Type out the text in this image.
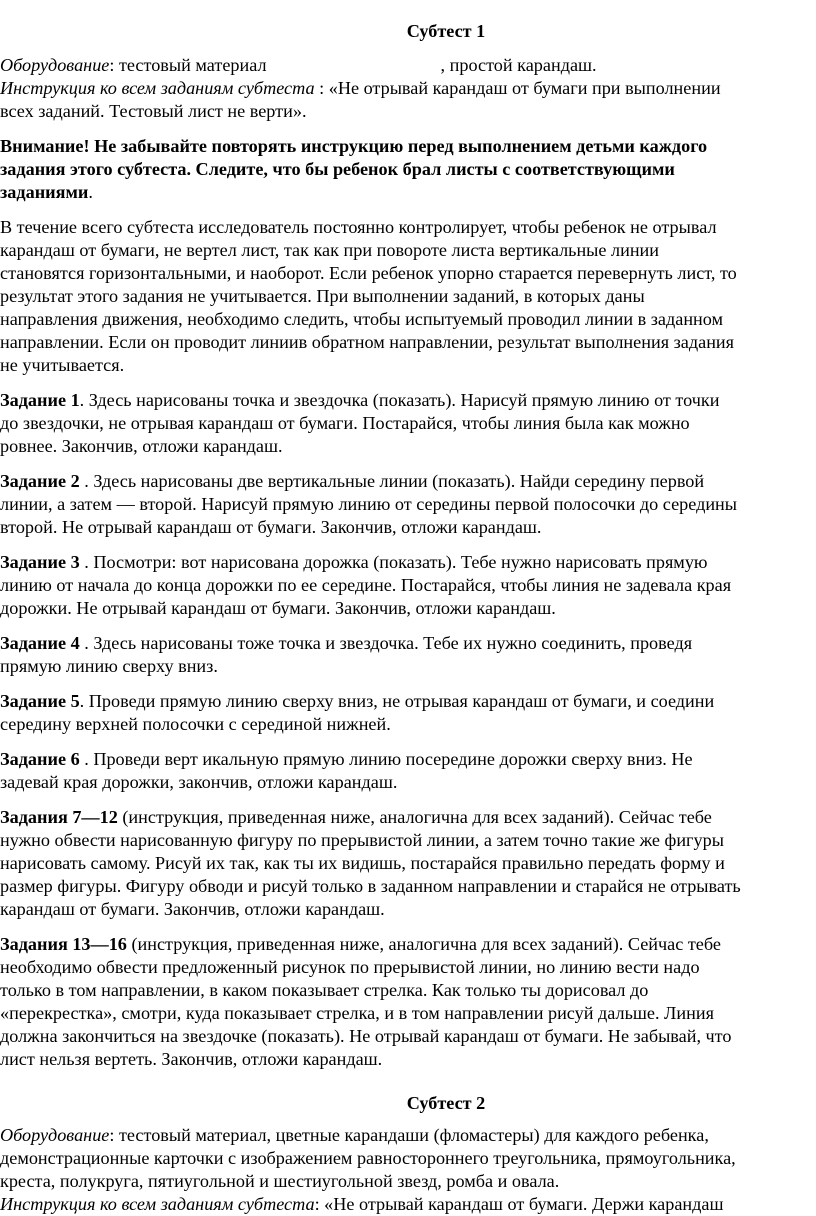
Субтест 1
Оборудование: тестовый материал	, простой карандаш.
Инструкция ко всем заданиям субтеста : «Не отрывай карандаш от бумаги при выполнении
всех заданий. Тестовый лист не верти».
Внимание! Не забывайте повторять инструкцию перед выполнением детьми каждого
задания этого субтеста. Следите, что бы ребенок брал листы с соответствующими
заданиями.
В течение всего субтеста исследователь постоянно контролирует, чтобы ребенок не отрывал
карандаш от бумаги, не вертел лист, так как при повороте листа вертикальные линии
становятся горизонтальными, и наоборот. Если ребенок упорно старается перевернуть лист, то
результат этого задания не учитывается. При выполнении заданий, в которых даны
направления движения, необходимо следить, чтобы испытуемый проводил линии в заданном
направлении. Если он проводит линиив обратном направлении, результат выполнения задания
не учитывается.
Задание 1. Здесь нарисованы точка и звездочка (показать). Нарисуй прямую линию от точки
до звездочки, не отрывая карандаш от бумаги. Постарайся, чтобы линия была как можно
ровнее. Закончив, отложи карандаш.
Задание 2 . Здесь нарисованы две вертикальные линии (показать). Найди середину первой
линии, а затем — второй. Нарисуй прямую линию от середины первой полосочки до середины
второй. Не отрывай карандаш от бумаги. Закончив, отложи карандаш.
Задание 3 . Посмотри: вот нарисована дорожка (показать). Тебе нужно нарисовать прямую
линию от начала до конца дорожки по ее середине. Постарайся, чтобы линия не задевала края
дорожки. Не отрывай карандаш от бумаги. Закончив, отложи карандаш.
Задание 4 . Здесь нарисованы тоже точка и звездочка. Тебе их нужно соединить, проведя
прямую линию сверху вниз.
Задание 5. Проведи прямую линию сверху вниз, не отрывая карандаш от бумаги, и соедини
середину верхней полосочки с серединой нижней.
Задание 6 . Проведи верт икальную прямую линию посередине дорожки сверху вниз. Не
задевай края дорожки, закончив, отложи карандаш.
Задания 7—12 (инструкция, приведенная ниже, аналогична для всех заданий). Сейчас тебе
нужно обвести нарисованную фигуру по прерывистой линии, а затем точно такие же фигуры
нарисовать самому. Рисуй их так, как ты их видишь, постарайся правильно передать форму и
размер фигуры. Фигуру обводи и рисуй только в заданном направлении и старайся не отрывать
карандаш от бумаги. Закончив, отложи карандаш.
Задания 13—16 (инструкция, приведенная ниже, аналогична для всех заданий). Сейчас тебе
необходимо обвести предложенный рисунок по прерывистой линии, но линию вести надо
только в том направлении, в каком показывает стрелка. Как только ты дорисовал до
«перекрестка», смотри, куда показывает стрелка, и в том направлении рисуй дальше. Линия
должна закончиться на звездочке (показать). Не отрывай карандаш от бумаги. Не забывай, что
лист нельзя вертеть. Закончив, отложи карандаш.
Субтест 2
Оборудование: тестовый материал, цветные карандаши (фломастеры) для каждого ребенка,
демонстрационные карточки с изображением равностороннего треугольника, прямоугольника,
креста, полукруга, пятиугольной и шестиугольной звезд, ромба и овала.
Инструкция ко всем заданиям субтеста: «Не отрывай карандаш от бумаги. Держи карандаш
